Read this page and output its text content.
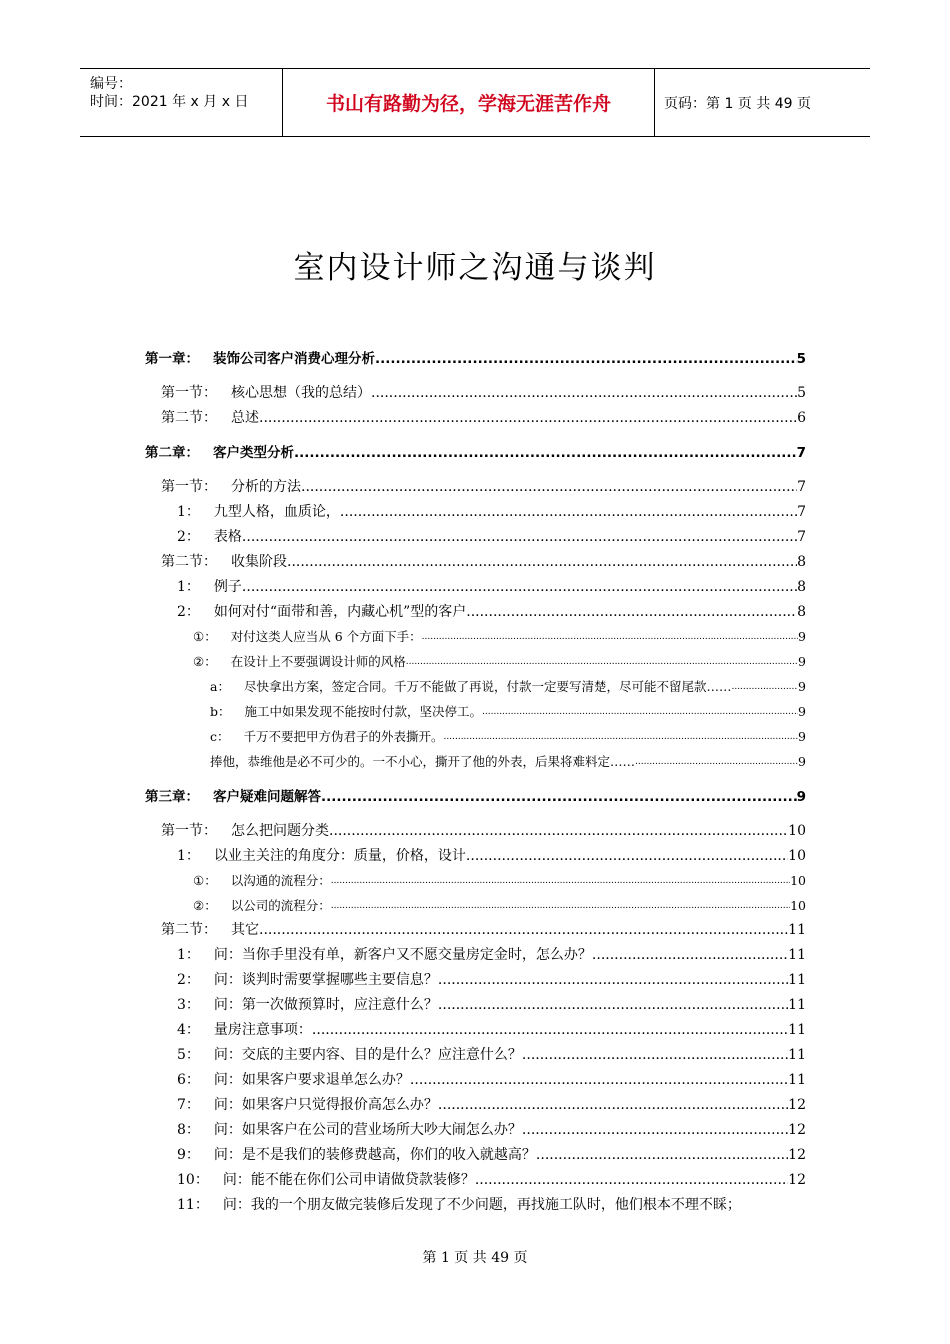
编号：
时间：2021 年 x 月 x 日	书山有路勤为径，学海无涯苦作舟	页码：第 1 页 共 49 页
室内设计师之沟通与谈判
第一章： 装饰公司客户消费心理分析 .....	5
第一节： 核心思想（我的总结） .....	5
第二节： 总述 .....	6
第二章： 客户类型分析 .....	7
第一节： 分析的方法 .....	7
1： 九型人格，血质论， .....	7
2： 表格 .....	7
第二节： 收集阶段 .....	8
1： 例子 .....	8
2： 如何对付“面带和善，内藏心机”型的客户 .....	8
①： 对付这类人应当从 6 个方面下手： .....	9
②： 在设计上不要强调设计师的风格 .....	9
a： 尽快拿出方案，签定合同。千万不能做了再说，付款一定要写清楚，尽可能不留尾款…… .....	9
b： 施工中如果发现不能按时付款，坚决停工。 .....	9
c： 千万不要把甲方伪君子的外表撕开。 .....	9
捧他，恭维他是必不可少的。一不小心，撕开了他的外表，后果将难料定…… .....	9
第三章： 客户疑难问题解答 .....	9
第一节： 怎么把问题分类 .....	10
1： 以业主关注的角度分：质量，价格，设计 .....	10
①： 以沟通的流程分： .....	10
②： 以公司的流程分： .....	10
第二节： 其它 .....	11
1： 问：当你手里没有单，新客户又不愿交量房定金时，怎么办？ .....	11
2： 问：谈判时需要掌握哪些主要信息？ .....	11
3： 问：第一次做预算时，应注意什么？ .....	11
4： 量房注意事项： .....	11
5： 问：交底的主要内容、目的是什么？应注意什么？ .....	11
6： 问：如果客户要求退单怎么办？ .....	11
7： 问：如果客户只觉得报价高怎么办？ .....	12
8： 问：如果客户在公司的营业场所大吵大闹怎么办？ .....	12
9： 问：是不是我们的装修费越高，你们的收入就越高？ .....	12
10： 问：能不能在你们公司申请做贷款装修？ .....	12
11： 问：我的一个朋友做完装修后发现了不少问题，再找施工队时，他们根本不理不睬；
第 1 页 共 49 页
